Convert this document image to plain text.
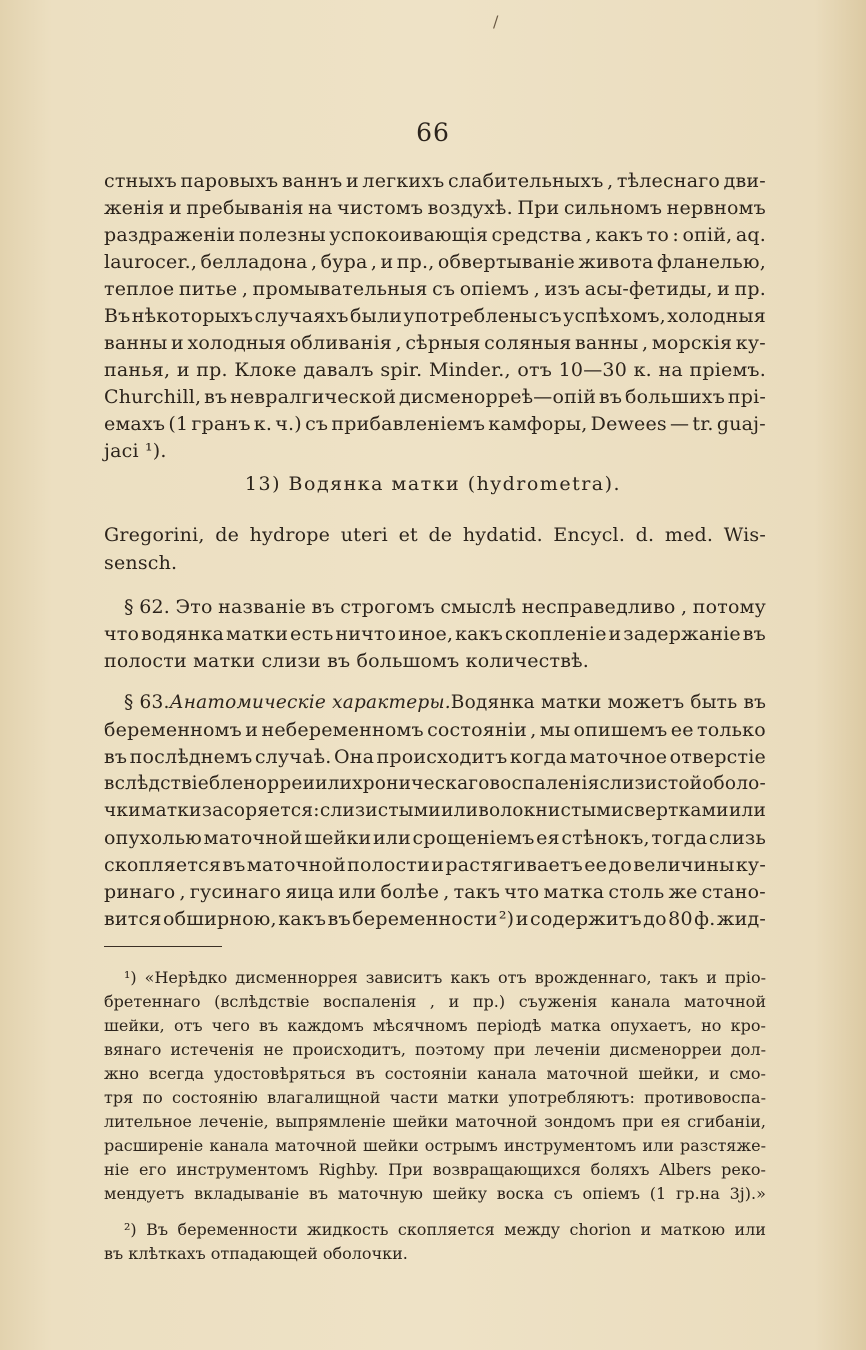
/
66
стныхъ паровыхъ ваннъ и легкихъ слабительныхъ , тѣлеснаго дви-
женія и пребыванія на чистомъ воздухѣ. При сильномъ нервномъ
раздраженіи полезны успокоивающія средства , какъ то : опій, aq.
laurocer., белладона , бура , и пр., обвертываніе живота фланелью,
теплое питье , промывательныя съ опіемъ , изъ асы-фетиды, и пр.
Въ нѣкоторыхъ случаяхъ были употреблены съ успѣхомъ, холодныя
ванны и холодныя обливанія , сѣрныя соляныя ванны , морскія ку-
панья, и пр. Клоке давалъ spir. Minder., отъ 10—30 к. на пріемъ.
Churchill, въ невралгической дисменорреѣ—опій въ большихъ прі-
емахъ (1 гранъ к. ч.) съ прибавленіемъ камфоры, Dewees — tr. guaj-
jaci ¹).
13) Водянка матки (hydrometra).
Gregorini, de hydrope uteri et de hydatid. Encycl. d. med. Wis-
sensch.
§ 62. Это названіе въ строгомъ смыслѣ несправедливо , потому
что водянка матки есть ничто иное, какъ скопленіе и задержаніе въ
полости матки слизи въ большомъ количествѣ.
§ 63. Анатомическіе характеры. Водянка матки можетъ быть въ
беременномъ и небеременномъ состояніи , мы опишемъ ее только
въ послѣднемъ случаѣ. Она происходитъ когда маточное отверстіе
вслѣдствіе бленорреи или хроническаго воспаленія слизистой оболо-
чки матки засоряется: слизистыми или волокнистыми свертками или
опухолью маточной шейки или срощеніемъ ея стѣнокъ, тогда слизь
скопляется въ маточной полости и растягиваетъ ее до величины ку-
ринаго , гусинаго яица или болѣе , такъ что матка столь же стано-
вится обширною, какъ въ беременности ²) и содержитъ до 80 ф. жид-
¹) «Нерѣдко дисменноррея зависитъ какъ отъ врожденнаго, такъ и пріо-
бретеннаго (вслѣдствіе воспаленія , и пр.) съуженія канала маточной
шейки, отъ чего въ каждомъ мѣсячномъ періодѣ матка опухаетъ, но кро-
вянаго истеченія не происходитъ, поэтому при леченіи дисменорреи дол-
жно всегда удостовѣряться въ состояніи канала маточной шейки, и смо-
тря по состоянію влагалищной части матки употребляютъ: противовоспа-
лительное леченіе, выпрямленіе шейки маточной зондомъ при ея сгибаніи,
расширеніе канала маточной шейки острымъ инструментомъ или разстяже-
ніе его инструментомъ Righby. При возвращающихся боляхъ Albers реко-
мендуетъ вкладываніе въ маточную шейку воска съ опіемъ (1 гр.на 3j).»
²) Въ беременности жидкость скопляется между chorion и маткою или
въ клѣткахъ отпадающей оболочки.
